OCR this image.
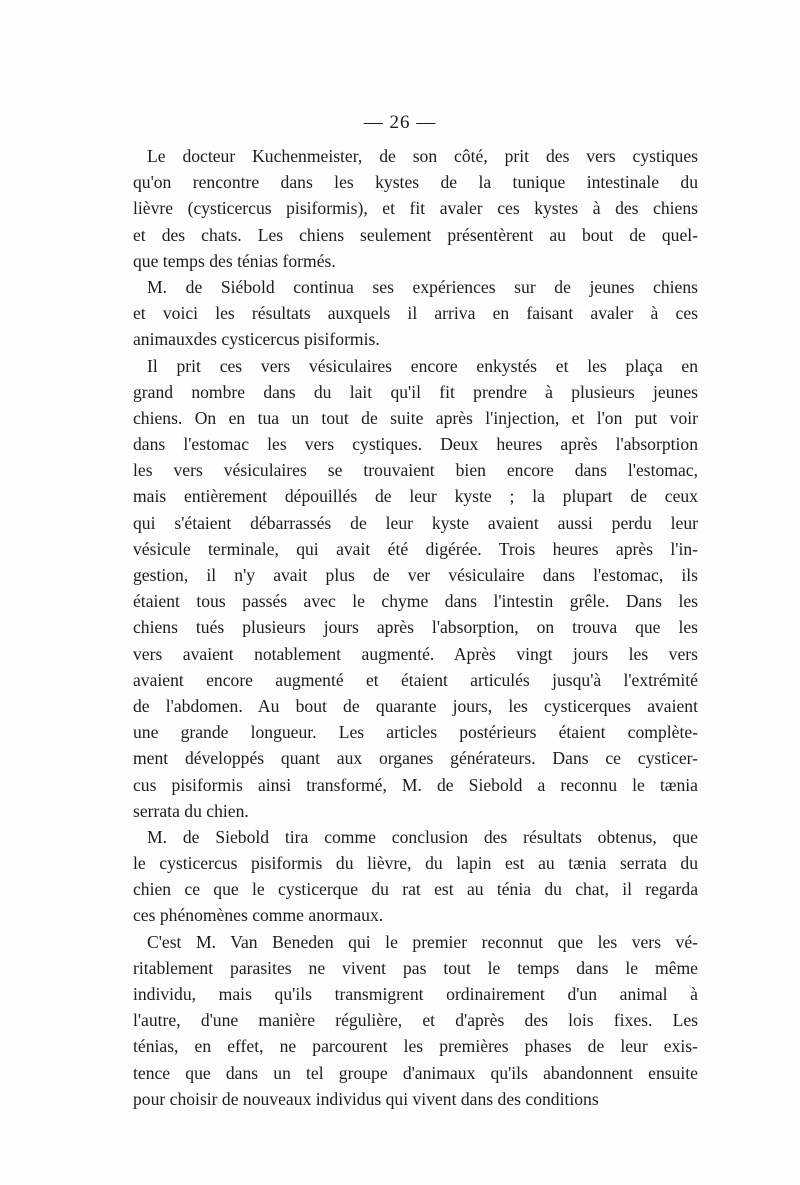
— 26 —
Le docteur Kuchenmeister, de son côté, prit des vers cystiques
qu'on rencontre dans les kystes de la tunique intestinale du
lièvre (cysticercus pisiformis), et fit avaler ces kystes à des chiens
et des chats. Les chiens seulement présentèrent au bout de quel-
que temps des ténias formés.
M. de Siébold continua ses expériences sur de jeunes chiens
et voici les résultats auxquels il arriva en faisant avaler à ces
animauxdes cysticercus pisiformis.
Il prit ces vers vésiculaires encore enkystés et les plaça en
grand nombre dans du lait qu'il fit prendre à plusieurs jeunes
chiens. On en tua un tout de suite après l'injection, et l'on put voir
dans l'estomac les vers cystiques. Deux heures après l'absorption
les vers vésiculaires se trouvaient bien encore dans l'estomac,
mais entièrement dépouillés de leur kyste ; la plupart de ceux
qui s'étaient débarrassés de leur kyste avaient aussi perdu leur
vésicule terminale, qui avait été digérée. Trois heures après l'in-
gestion, il n'y avait plus de ver vésiculaire dans l'estomac, ils
étaient tous passés avec le chyme dans l'intestin grêle. Dans les
chiens tués plusieurs jours après l'absorption, on trouva que les
vers avaient notablement augmenté. Après vingt jours les vers
avaient encore augmenté et étaient articulés jusqu'à l'extrémité
de l'abdomen. Au bout de quarante jours, les cysticerques avaient
une grande longueur. Les articles postérieurs étaient complète-
ment développés quant aux organes générateurs. Dans ce cysticer-
cus pisiformis ainsi transformé, M. de Siebold a reconnu le tænia
serrata du chien.
M. de Siebold tira comme conclusion des résultats obtenus, que
le cysticercus pisiformis du lièvre, du lapin est au tænia serrata du
chien ce que le cysticerque du rat est au ténia du chat, il regarda
ces phénomènes comme anormaux.
C'est M. Van Beneden qui le premier reconnut que les vers vé-
ritablement parasites ne vivent pas tout le temps dans le même
individu, mais qu'ils transmigrent ordinairement d'un animal à
l'autre, d'une manière régulière, et d'après des lois fixes. Les
ténias, en effet, ne parcourent les premières phases de leur exis-
tence que dans un tel groupe d'animaux qu'ils abandonnent ensuite
pour choisir de nouveaux individus qui vivent dans des conditions
